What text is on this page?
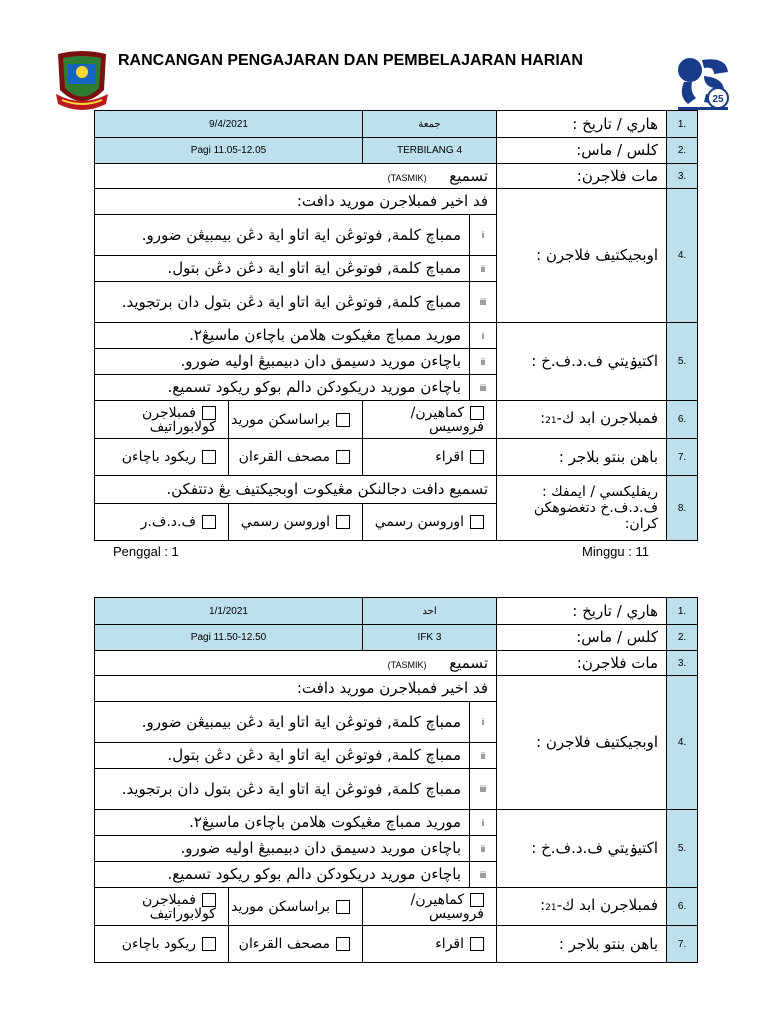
RANCANGAN PENGAJARAN DAN PEMBELAJARAN HARIAN
25
9/4/2021		جمعة		هاري / تاريخ :	1.
Pagi 11.05-12.05		TERBILANG 4		كلس / ماس:	2.
تسميع (TASMIK)				مات فلاجرن:	3.
فد اخير فمبلاجرن موريد دافت:				اوبجيكتيف فلاجرن :	4.
ممباچ كلمة, فوتوڠن اية اتاو اية دڠن بيمبيڠن ضورو.			i		
ممباچ كلمة, فوتوڠن اية اتاو اية دڠن دڠن بتول.			ii		
ممباچ كلمة, فوتوڠن اية اتاو اية دڠن بتول دان برتجويد.			iii		
موريد ممباچ مڠيكوت هلامن باچاءن ماسيڠ٢.			i	اكتيۏيتي ف.د.ف.خ :	5.
باچاءن موريد دسيمق دان دبيمبيڠ اوليه ضورو.			ii		
باچاءن موريد دريكودكن دالم بوكو ريكود تسميع.			iii		
فمبلاجرن كولابوراتيف	براساسكن موريد	كماهيرن/ فروسيس		فمبلاجرن ابد ك-21:	6.
ريكود باچاءن	مصحف القرءان	اقراء		باهن بنتو بلاجر :	7.
تسميع دافت دجالنكن مڠيكوت اوبجيكتيف يڠ دتتفكن.				ريفليكسي / ايمفك : ف.د.ف.خ دتغضوهكن كران:	8.
ف.د.ف.ر	اوروسن رسمي	اوروسن رسمي			
Penggal : 1	Minggu : 11
1/1/2021		احد		هاري / تاريخ :	1.
Pagi 11.50-12.50		IFK 3		كلس / ماس:	2.
تسميع (TASMIK)				مات فلاجرن:	3.
فد اخير فمبلاجرن موريد دافت:				اوبجيكتيف فلاجرن :	4.
ممباچ كلمة, فوتوڠن اية اتاو اية دڠن بيمبيڠن ضورو.			i		
ممباچ كلمة, فوتوڠن اية اتاو اية دڠن دڠن بتول.			ii		
ممباچ كلمة, فوتوڠن اية اتاو اية دڠن بتول دان برتجويد.			iii		
موريد ممباچ مڠيكوت هلامن باچاءن ماسيڠ٢.			i	اكتيۏيتي ف.د.ف.خ :	5.
باچاءن موريد دسيمق دان دبيمبيڠ اوليه ضورو.			ii		
باچاءن موريد دريكودكن دالم بوكو ريكود تسميع.			iii		
فمبلاجرن كولابوراتيف	براساسكن موريد	كماهيرن/ فروسيس		فمبلاجرن ابد ك-21:	6.
ريكود باچاءن	مصحف القرءان	اقراء		باهن بنتو بلاجر :	7.
